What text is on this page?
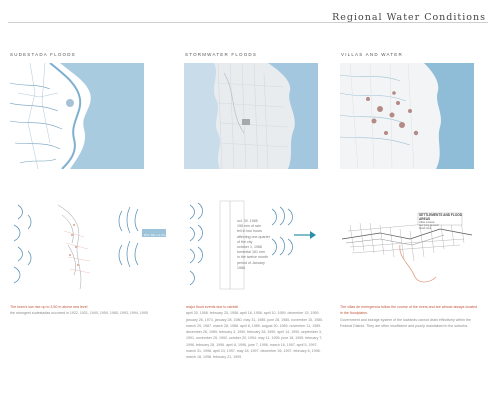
Regional Water Conditions
SUDESTADA FLOODS	STORMWATER FLOODS	VILLAS AND WATER
RÍO DE LA PLATA
oct. 30. 1985
198 mm of rain
fell in two hours
affecting one quarter
of the city
october 1, 1986
torrential 161 mm
in the twelve month
period of January 1988
SETTLEMENTS AND FLOOD AREAS
villas miseria
low lying ground
flood zone
The town's low rise up to 3.50 m above sea level
the strongest sudestadas occurred in 1922, 1931, 1940, 1959, 1985, 1993, 1994, 1995
major flood events due to rainfall
april 30, 1958. february 25, 1958. april 16, 1958. april 10, 1959. december 15, 1959. january 26, 1974. january 28, 1980. may 31, 1985. june 28, 1985. november 15, 1985. march 29, 1987. march 28, 1988. april 8, 1989. august 30, 1989. november 11, 1989. december 26, 1989. february 3, 1990. february 28, 1990. april 14, 1990. september 3, 1991. november 25, 1992. october 20, 1994. may 11, 1995. june 18, 1995. february 7, 1996. february 28, 1996. april 8, 1996. june 7, 1996. march 16, 1997. april 5, 1997. march 31, 1998. april 24, 1997. may 18, 1997. december 26, 1997. february 6, 1998. march 18, 1998. february 21, 1999.
The villas de emergencia follow the course of the rivers and are almost always located in the floodplains.
Government and storage system of the lowlands cannot drain effectively within the Federal District. They are often insufficient and poorly maintained in the suburbs.
